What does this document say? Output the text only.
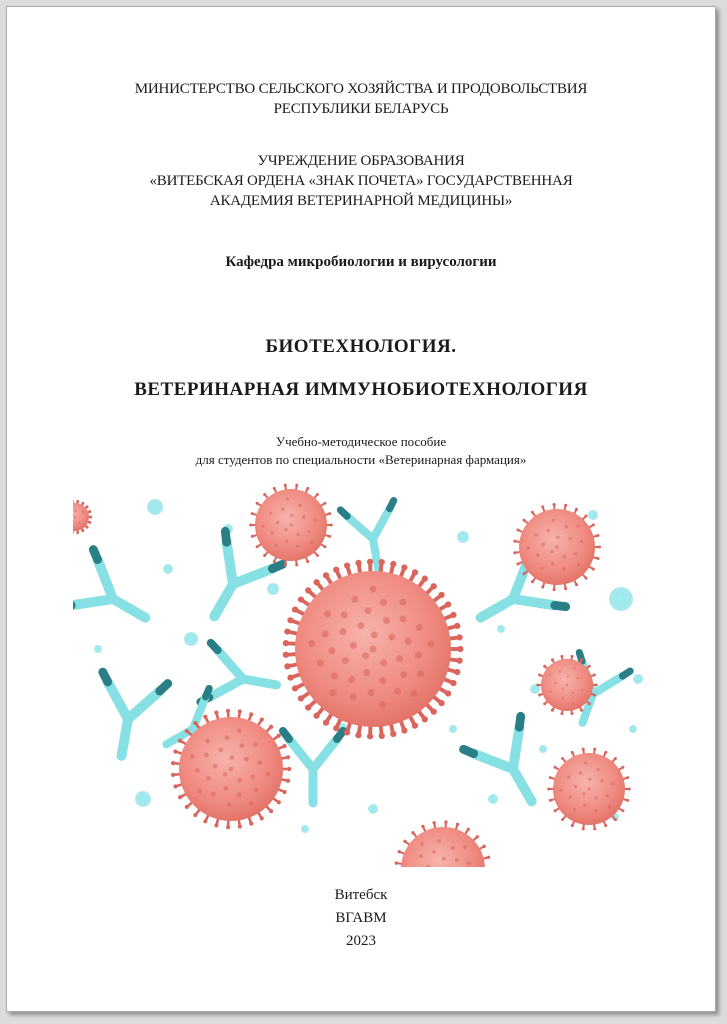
МИНИСТЕРСТВО СЕЛЬСКОГО ХОЗЯЙСТВА И ПРОДОВОЛЬСТВИЯ
РЕСПУБЛИКИ БЕЛАРУСЬ
УЧРЕЖДЕНИЕ ОБРАЗОВАНИЯ
«ВИТЕБСКАЯ ОРДЕНА «ЗНАК ПОЧЕТА» ГОСУДАРСТВЕННАЯ
АКАДЕМИЯ ВЕТЕРИНАРНОЙ МЕДИЦИНЫ»
Кафедра микробиологии и вирусологии
БИОТЕХНОЛОГИЯ.
ВЕТЕРИНАРНАЯ ИММУНОБИОТЕХНОЛОГИЯ
Учебно-методическое пособие
для студентов по специальности «Ветеринарная фармация»
Витебск
ВГАВМ
2023
